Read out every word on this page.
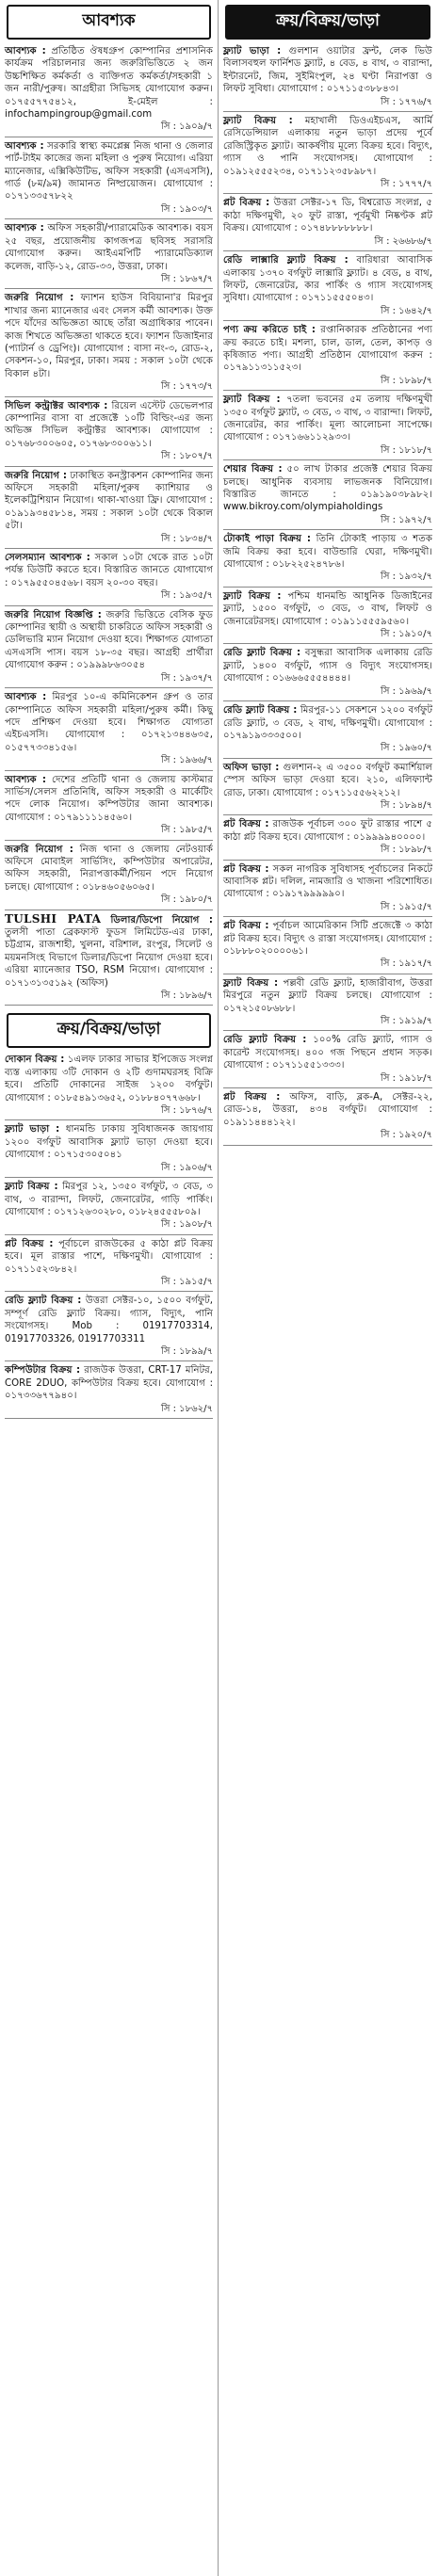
আবশ্যক

আবশ্যক : প্রতিষ্ঠিত ঔষধগ্রুপ কোম্পানির প্রশাসনিক কার্যক্রম পরিচালনার জন্য জরুরিভিত্তিতে ২ জন উচ্চশিক্ষিত কর্মকর্তা ও ব্যক্তিগত কর্মকর্তা/সহকারী ১ জন নারী/পুরুষ। আগ্রহীরা সিভিসহ যোগাযোগ করুন। ০১৭৫৫৭৭৫৪১২, ই-মেইল : infochampingroup@gmail.com
সি : ১৯০৯/৭

আবশ্যক : সরকারি স্বাস্থ্য কমপ্লেক্স নিজ থানা ও জেলার পার্ট-টাইম কাজের জন্য মহিলা ও পুরুষ নিয়োগ। এরিয়া ম্যানেজার, এক্সিকিউটিভ, অফিস সহকারী (এসএসসি), গার্ড (৮ম/৯ম) জামানত নিষ্প্রয়োজন। যোগাযোগ : ০১৭১৩৩৫৭৮২২
সি : ১৯০৩/৭

আবশ্যক : অফিস সহকারী/প্যারামেডিক আবশ্যক। বয়স ২৫ বছর, প্রয়োজনীয় কাগজপত্র ছবিসহ সরাসরি যোগাযোগ করুন। আইএমপিটি প্যারামেডিক্যাল কলেজ, বাড়ি-১২, রোড-৩৩, উত্তরা, ঢাকা।
সি : ১৮৬৭/৭

জরুরি নিয়োগ : ফ্যাশন হাউস বিবিয়ানা'র মিরপুর শাখার জন্য ম্যানেজার এবং সেলস কর্মী আবশ্যক। উক্ত পদে যাঁদের অভিজ্ঞতা আছে তাঁরা অগ্রাধিকার পাবেন। কাজ শিখতে অভিজ্ঞতা থাকতে হবে। ফ্যাশন ডিজাইনার (প্যাটার্ন ও ড্রেপিং)। যোগাযোগ : বাসা নং-৩, রোড-২, সেকশন-১০, মিরপুর, ঢাকা। সময় : সকাল ১০টা থেকে বিকাল ৪টা।
সি : ১৭৭৩/৭

সিভিল কন্ট্রাক্টর আবশ্যক : রিয়েল এস্টেট ডেভেলপার কোম্পানির বাসা বা প্রজেক্টে ১০টি বিল্ডিং-এর জন্য অভিজ্ঞ সিভিল কন্ট্রাক্টর আবশ্যক। যোগাযোগ : ০১৭৬৮৩০০৬০৫, ০১৭৬৮৩০০৬১১।
সি : ১৮০৭/৭

জরুরি নিয়োগ : ঢাকাস্থিত কনস্ট্রাকশন কোম্পানির জন্য অফিসে সহকারী মহিলা/পুরুষ ক্যাশিয়ার ও ইলেকট্রিশিয়ান নিয়োগ। থাকা-খাওয়া ফ্রি। যোগাযোগ : ০১৯১৯৩৪৫৮১৪, সময় : সকাল ১০টা থেকে বিকাল ৫টা।
সি : ১৮৩৪/৭

সেলসম্যান আবশ্যক : সকাল ১০টা থেকে রাত ১০টা পর্যন্ত ডিউটি করতে হবে। বিস্তারিত জানতে যোগাযোগ : ০১৭৯৫৫০৪৫৬৮। বয়স ২০-৩০ বছর।
সি : ১৯৩৫/৭

জরুরি নিয়োগ বিজ্ঞপ্তি : জরুরি ভিত্তিতে বেসিক ফুড কোম্পানির স্থায়ী ও অস্থায়ী চাকরিতে অফিস সহকারী ও ডেলিভারি ম্যান নিয়োগ দেওয়া হবে। শিক্ষাগত যোগ্যতা এসএসসি পাস। বয়স ১৮-৩৫ বছর। আগ্রহী প্রার্থীরা যোগাযোগ করুন : ০১৯৯৯৮৬৩০৫৪
সি : ১৯৩৭/৭

আবশ্যক : মিরপুর ১০-এ কমিনিকেশন গ্রুপ ও তার কোম্পানিতে অফিস সহকারী মহিলা/পুরুষ কর্মী। কিছু পদে প্রশিক্ষণ দেওয়া হবে। শিক্ষাগত যোগ্যতা এইচএসসি। যোগাযোগ : ০১৭২১৩৪৪৬৩৫, ০১৫৭৭৩৩৪১৫৬।
সি : ১৯৬৬/৭

আবশ্যক : দেশের প্রতিটি থানা ও জেলায় কাস্টমার সার্ভিস/সেলস প্রতিনিধি, অফিস সহকারী ও মার্কেটিং পদে লোক নিয়োগ। কম্পিউটার জানা আবশ্যক। যোগাযোগ : ০১৭৯১১১১৪৫৬০।
সি : ১৯৮৫/৭

জরুরি নিয়োগ : নিজ থানা ও জেলায় নেটওয়ার্ক অফিসে মোবাইল সার্ভিসিং, কম্পিউটার অপারেটর, অফিস সহকারী, নিরাপত্তাকর্মী/পিয়ন পদে নিয়োগ চলছে। যোগাযোগ : ০১৮৪৬০৫৬০৬৫।
সি : ১৯৮০/৭

TULSHI PATA ডিলার/ডিপো নিয়োগ : তুলসী পাতা ব্রেকফাস্ট ফুডস লিমিটেড-এর ঢাকা, চট্টগ্রাম, রাজশাহী, খুলনা, বরিশাল, রংপুর, সিলেট ও ময়মনসিংহ বিভাগে ডিলার/ডিপো নিয়োগ দেওয়া হবে। এরিয়া ম্যানেজার TSO, RSM নিয়োগ। যোগাযোগ : ০১৭১৩১৩৫১৯২ (অফিস)
সি : ১৮৯৬/৭

ক্রয়/বিক্রয়/ভাড়া

দোকান বিক্রয় : ১এলফ ঢাকার সাভার ইপিজেড সংলগ্ন ব্যস্ত এলাকায় ৩টি দোকান ও ২টি গুদামঘরসহ বিক্রি হবে। প্রতিটি দোকানের সাইজ ১২০০ বর্গফুট। যোগাযোগ : ০১৮৫৪৯১৩৬৫২, ০১৮৮৪০৭৭৬৬৮।
সি : ১৮৭৬/৭

ফ্ল্যাট ভাড়া : ধানমন্ডি ঢাকায় সুবিধাজনক জায়গায় ১২০০ বর্গফুট আবাসিক ফ্ল্যাট ভাড়া দেওয়া হবে। যোগাযোগ : ০১৭১৫৩০৫০৪১
সি : ১৯০৬/৭

ফ্ল্যাট বিক্রয় : মিরপুর ১২, ১৩৫০ বর্গফুট, ৩ বেড, ৩ বাথ, ৩ বারান্দা, লিফট, জেনারেটর, গাড়ি পার্কিং। যোগাযোগ : ০১৭১২৬৩০২৮০, ০১৮২৪৫৫৫৮০৯।
সি : ১৯০৮/৭

প্লট বিক্রয় : পূর্বাচলে রাজউকের ৫ কাঠা প্লট বিক্রয় হবে। মূল রাস্তার পাশে, দক্ষিণমুখী। যোগাযোগ : ০১৭১১৫২৩৮৪২।
সি : ১৯১৫/৭

রেডি ফ্ল্যাট বিক্রয় : উত্তরা সেক্টর-১০, ১৫০০ বর্গফুট, সম্পূর্ণ রেডি ফ্ল্যাট বিক্রয়। গ্যাস, বিদ্যুৎ, পানি সংযোগসহ। Mob : 01917703314, 01917703326, 01917703311
সি : ১৮৯৯/৭

কম্পিউটার বিক্রয় : রাজউক উত্তরা, CRT-17 মনিটর, CORE 2DUO, কম্পিউটার বিক্রয় হবে। যোগাযোগ : ০১৭৩৩৬৭৭৯৪০।
সি : ১৮৬২/৭

ক্রয়/বিক্রয়/ভাড়া

ফ্ল্যাট ভাড়া : গুলশান ওয়াটার ফ্রন্ট, লেক ভিউ বিলাসবহুল ফার্নিশড ফ্ল্যাট, ৪ বেড, ৪ বাথ, ৩ বারান্দা, ইন্টারনেট, জিম, সুইমিংপুল, ২৪ ঘণ্টা নিরাপত্তা ও লিফট সুবিধা। যোগাযোগ : ০১৭১১৫৩৮৮৪৩।
সি : ১৭৭৬/৭

ফ্ল্যাট বিক্রয় : মহাখালী ডিওএইচএস, আর্মি রেসিডেন্সিয়াল এলাকায় নতুন ভাড়া প্রদেয় পূর্বে রেজিস্ট্রিকৃত ফ্ল্যাট। আকর্ষণীয় মূল্যে বিক্রয় হবে। বিদ্যুৎ, গ্যাস ও পানি সংযোগসহ। যোগাযোগ : ০১৯১২৫৫৫২৩৪, ০১৭১১২৩৫৮৯৮৭।
সি : ১৭৭৭/৭

প্লট বিক্রয় : উত্তরা সেক্টর-১৭ ডি, বিশ্বরোড সংলগ্ন, ৫ কাঠা দক্ষিণমুখী, ২০ ফুট রাস্তা, পূর্বমুখী নিষ্কণ্টক প্লট বিক্রয়। যোগাযোগ : ০১৭৪৮৮৮৮৮৮৮।
সি : ২৬৬৮৬/৭

রেডি লাক্সারি ফ্ল্যাট বিক্রয় : বারিধারা আবাসিক এলাকায় ১৩৭০ বর্গফুট লাক্সারি ফ্ল্যাট। ৪ বেড, ৪ বাথ, লিফট, জেনারেটর, কার পার্কিং ও গ্যাস সংযোগসহ সুবিধা। যোগাযোগ : ০১৭১১৫৫৫০৪৩।
সি : ১৬৪২/৭

পণ্য ক্রয় করিতে চাই : রপ্তানিকারক প্রতিষ্ঠানের পণ্য ক্রয় করতে চাই। মশলা, চাল, ডাল, তেল, কাপড় ও কৃষিজাত পণ্য। আগ্রহী প্রতিষ্ঠান যোগাযোগ করুন : ০১৭৯১১৩১১৫২৩।
সি : ১৮৯৮/৭

ফ্ল্যাট বিক্রয় : ৭তলা ভবনের ৫ম তলায় দক্ষিণমুখী ১৩৫০ বর্গফুট ফ্ল্যাট, ৩ বেড, ৩ বাথ, ৩ বারান্দা। লিফট, জেনারেটর, কার পার্কিং। মূল্য আলোচনা সাপেক্ষে। যোগাযোগ : ০১৭১৬৬১১২৯৩৩।
সি : ১৮১৮/৭

শেয়ার বিক্রয় : ৫০ লাখ টাকার প্রজেক্ট শেয়ার বিক্রয় চলছে। আধুনিক ব্যবসায় লাভজনক বিনিয়োগ। বিস্তারিত জানতে : ০১৯১৯০৩৮৯৮২। www.bikroy.com/olympiaholdings
সি : ১৯৭২/৭

টোকাই পাড়া বিক্রয় : তিনি টোকাই পাড়ায় ৩ শতক জমি বিক্রয় করা হবে। বাউন্ডারি ঘেরা, দক্ষিণমুখী। যোগাযোগ : ০১৮২২৫২৪৭৮৬।
সি : ১৯৩২/৭

ফ্ল্যাট বিক্রয় : পশ্চিম ধানমন্ডি আধুনিক ডিজাইনের ফ্ল্যাট, ১৫০০ বর্গফুট, ৩ বেড, ৩ বাথ, লিফট ও জেনারেটরসহ। যোগাযোগ : ০১৯১১৫৫৫৯৫৬০।
সি : ১৯১০/৭

রেডি ফ্ল্যাট বিক্রয় : বসুন্ধরা আবাসিক এলাকায় রেডি ফ্ল্যাট, ১৪০০ বর্গফুট, গ্যাস ও বিদ্যুৎ সংযোগসহ। যোগাযোগ : ০১৬৬৬৫৫৫৪৪৪৪।
সি : ১৯৬৯/৭

রেডি ফ্ল্যাট বিক্রয় : মিরপুর-১১ সেকশনে ১২০০ বর্গফুট রেডি ফ্ল্যাট, ৩ বেড, ২ বাথ, দক্ষিণমুখী। যোগাযোগ : ০১৭৯১৯৩৩৩৫০০।
সি : ১৯৬০/৭

অফিস ভাড়া : গুলশান-২ এ ৩৫০০ বর্গফুট কমার্শিয়াল স্পেস অফিস ভাড়া দেওয়া হবে। ২১০, এলিফ্যান্ট রোড, ঢাকা। যোগাযোগ : ০১৭১১৫৫৬২২১২।
সি : ১৮৯৪/৭

প্লট বিক্রয় : রাজউক পূর্বাচল ৩০০ ফুট রাস্তার পাশে ৫ কাঠা প্লট বিক্রয় হবে। যোগাযোগ : ০১৯৯৯৯৪০০০০।
সি : ১৮৯৮/৭

প্লট বিক্রয় : সকল নাগরিক সুবিধাসহ পূর্বাচলের নিকটে আবাসিক প্লট। দলিল, নামজারি ও খাজনা পরিশোধিত। যোগাযোগ : ০১৯১৭৯৯৯৯৯০।
সি : ১৯১৫/৭

প্লট বিক্রয় : পূর্বাচল আমেরিকান সিটি প্রজেক্টে ৩ কাঠা প্লট বিক্রয় হবে। বিদ্যুৎ ও রাস্তা সংযোগসহ। যোগাযোগ : ০১৮৮৮০২০০০০৬১।
সি : ১৯১৭/৭

ফ্ল্যাট বিক্রয় : পল্লবী রেডি ফ্ল্যাট, হাজারীবাগ, উত্তরা মিরপুরে নতুন ফ্ল্যাট বিক্রয় চলছে। যোগাযোগ : ০১৭২১৫০৮৬৮৮।
সি : ১৯১৯/৭

রেডি ফ্ল্যাট বিক্রয় : ১০০% রেডি ফ্ল্যাট, গ্যাস ও কারেন্ট সংযোগসহ। ৪০০ গজ পিছনে প্রধান সড়ক। যোগাযোগ : ০১৭১১৫৫১৩৩৩।
সি : ১৯১৮/৭

প্লট বিক্রয় : অফিস, বাড়ি, ব্লক-A, সেক্টর-২২, রোড-১৪, উত্তরা, ৪৩৪ বর্গফুট। যোগাযোগ : ০১৯১১৪৪৪১২২।
সি : ১৯২০/৭
